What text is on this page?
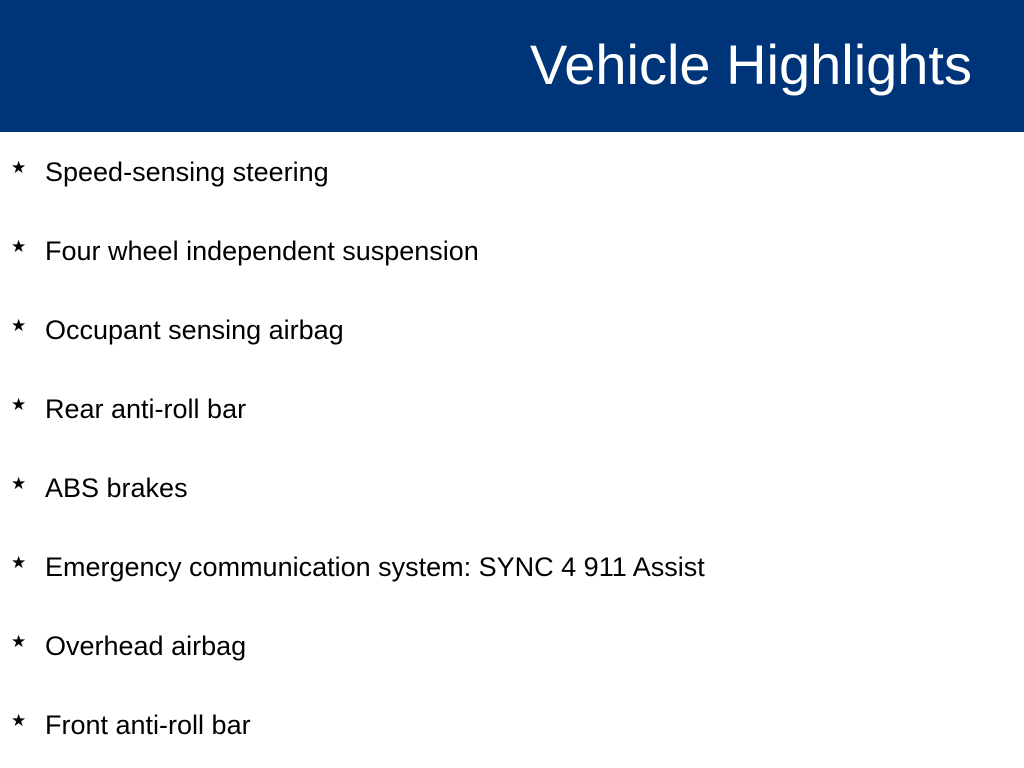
Vehicle Highlights
★ Speed-sensing steering
★ Four wheel independent suspension
★ Occupant sensing airbag
★ Rear anti-roll bar
★ ABS brakes
★ Emergency communication system: SYNC 4 911 Assist
★ Overhead airbag
★ Front anti-roll bar
